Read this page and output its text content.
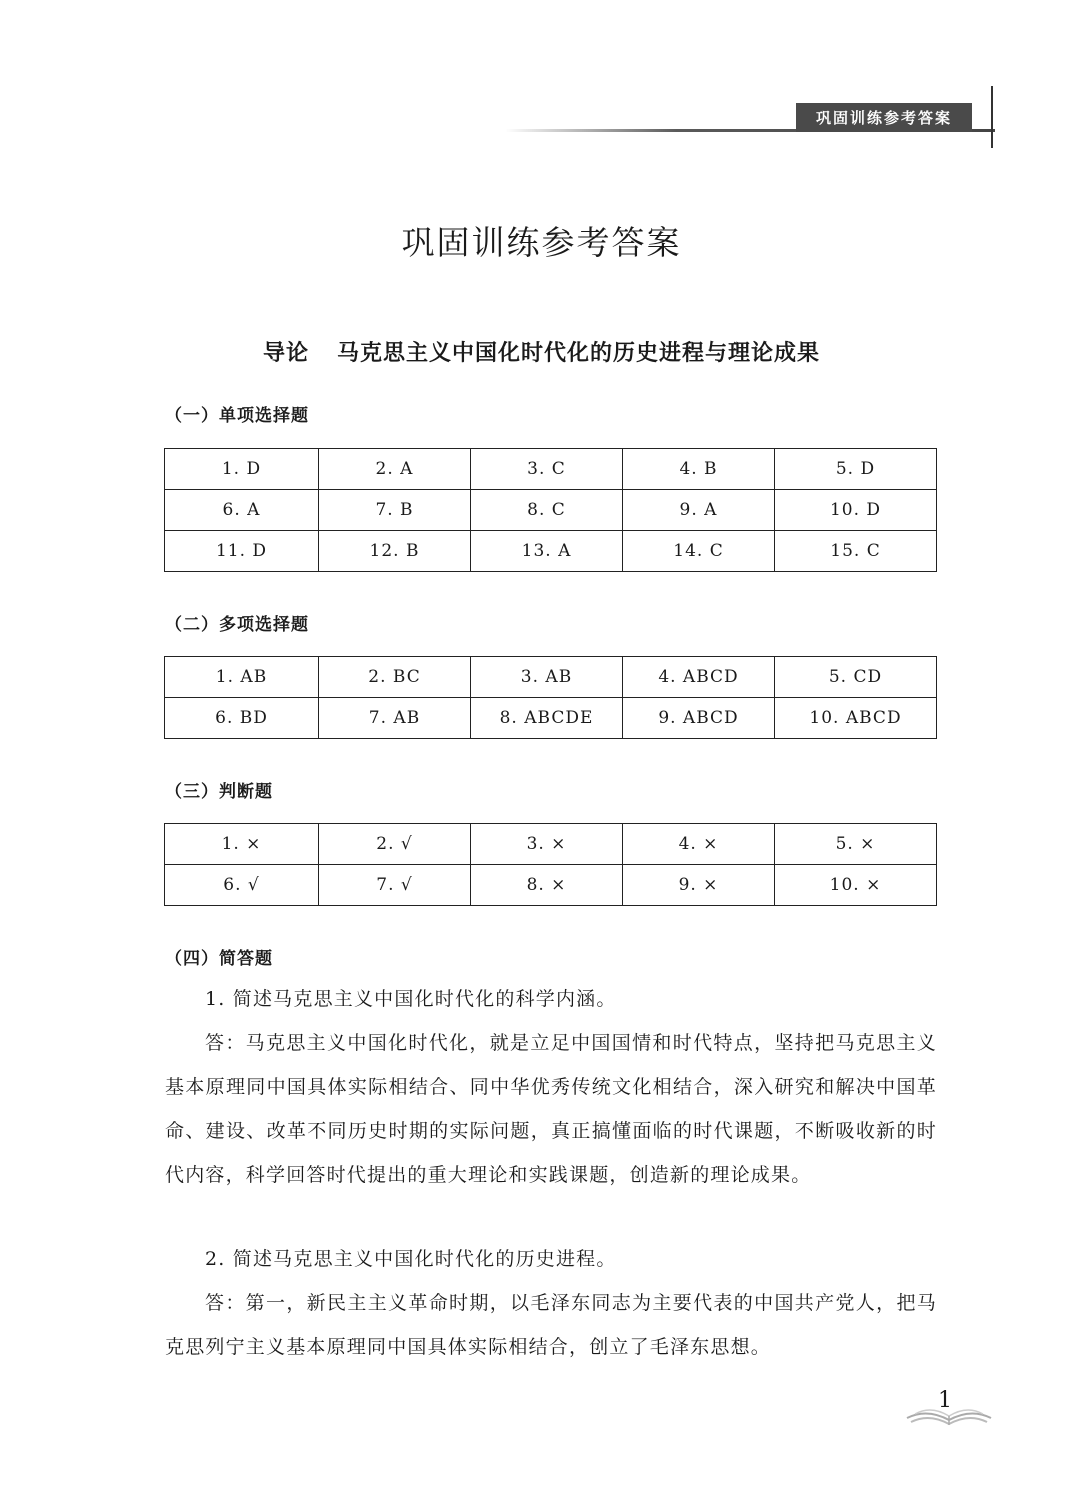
巩固训练参考答案
巩固训练参考答案
导论 马克思主义中国化时代化的历史进程与理论成果
（一）单项选择题
1. D	2. A	3. C	4. B	5. D
6. A	7. B	8. C	9. A	10. D
11. D	12. B	13. A	14. C	15. C
（二）多项选择题
1. AB	2. BC	3. AB	4. ABCD	5. CD
6. BD	7. AB	8. ABCDE	9. ABCD	10. ABCD
（三）判断题
1. ×	2. √	3. ×	4. ×	5. ×
6. √	7. √	8. ×	9. ×	10. ×
（四）简答题

1. 简述马克思主义中国化时代化的科学内涵。

答：马克思主义中国化时代化，就是立足中国国情和时代特点，坚持把马克思主义基本原理同中国具体实际相结合、同中华优秀传统文化相结合，深入研究和解决中国革命、建设、改革不同历史时期的实际问题，真正搞懂面临的时代课题，不断吸收新的时代内容，科学回答时代提出的重大理论和实践课题，创造新的理论成果。

2. 简述马克思主义中国化时代化的历史进程。

答：第一，新民主主义革命时期，以毛泽东同志为主要代表的中国共产党人，把马克思列宁主义基本原理同中国具体实际相结合，创立了毛泽东思想。

1
